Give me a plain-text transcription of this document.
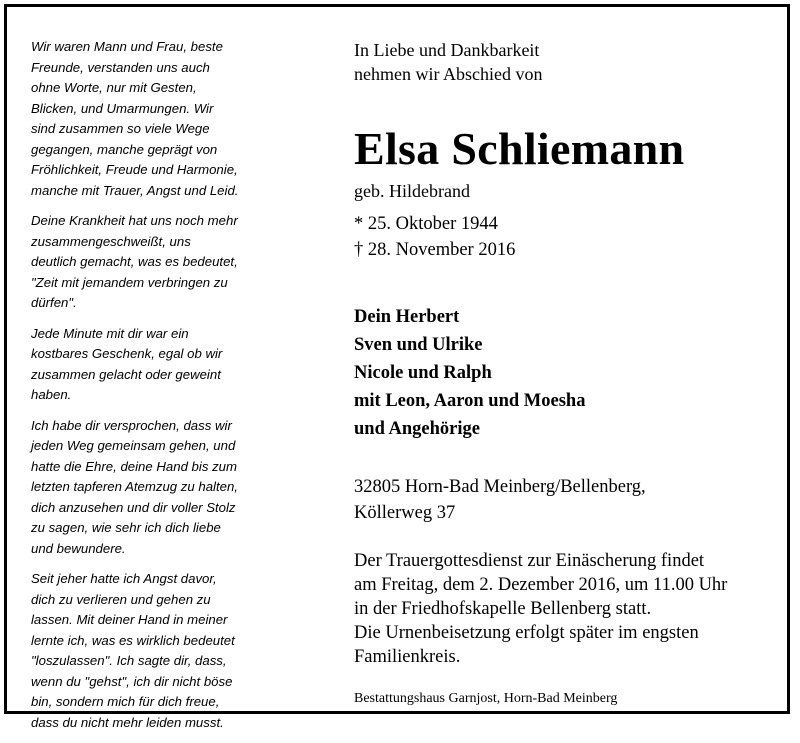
Wir waren Mann und Frau, beste
Freunde, verstanden uns auch
ohne Worte, nur mit Gesten,
Blicken, und Umarmungen. Wir
sind zusammen so viele Wege
gegangen, manche geprägt von
Fröhlichkeit, Freude und Harmonie,
manche mit Trauer, Angst und Leid.

Deine Krankheit hat uns noch mehr
zusammengeschweißt, uns
deutlich gemacht, was es bedeutet,
"Zeit mit jemandem verbringen zu
dürfen".

Jede Minute mit dir war ein
kostbares Geschenk, egal ob wir
zusammen gelacht oder geweint
haben.

Ich habe dir versprochen, dass wir
jeden Weg gemeinsam gehen, und
hatte die Ehre, deine Hand bis zum
letzten tapferen Atemzug zu halten,
dich anzusehen und dir voller Stolz
zu sagen, wie sehr ich dich liebe
und bewundere.

Seit jeher hatte ich Angst davor,
dich zu verlieren und gehen zu
lassen. Mit deiner Hand in meiner
lernte ich, was es wirklich bedeutet
"loszulassen". Ich sagte dir, dass,
wenn du "gehst", ich dir nicht böse
bin, sondern mich für dich freue,
dass du nicht mehr leiden musst.

In Liebe und Dankbarkeit
nehmen wir Abschied von
Elsa Schliemann
geb. Hildebrand
* 25. Oktober 1944
† 28. November 2016
Dein Herbert
Sven und Ulrike
Nicole und Ralph
mit Leon, Aaron und Moesha
und Angehörige
32805 Horn-Bad Meinberg/Bellenberg,
Köllerweg 37
Der Trauergottesdienst zur Einäscherung findet
am Freitag, dem 2. Dezember 2016, um 11.00 Uhr
in der Friedhofskapelle Bellenberg statt.
Die Urnenbeisetzung erfolgt später im engsten
Familienkreis.
Bestattungshaus Garnjost, Horn-Bad Meinberg
